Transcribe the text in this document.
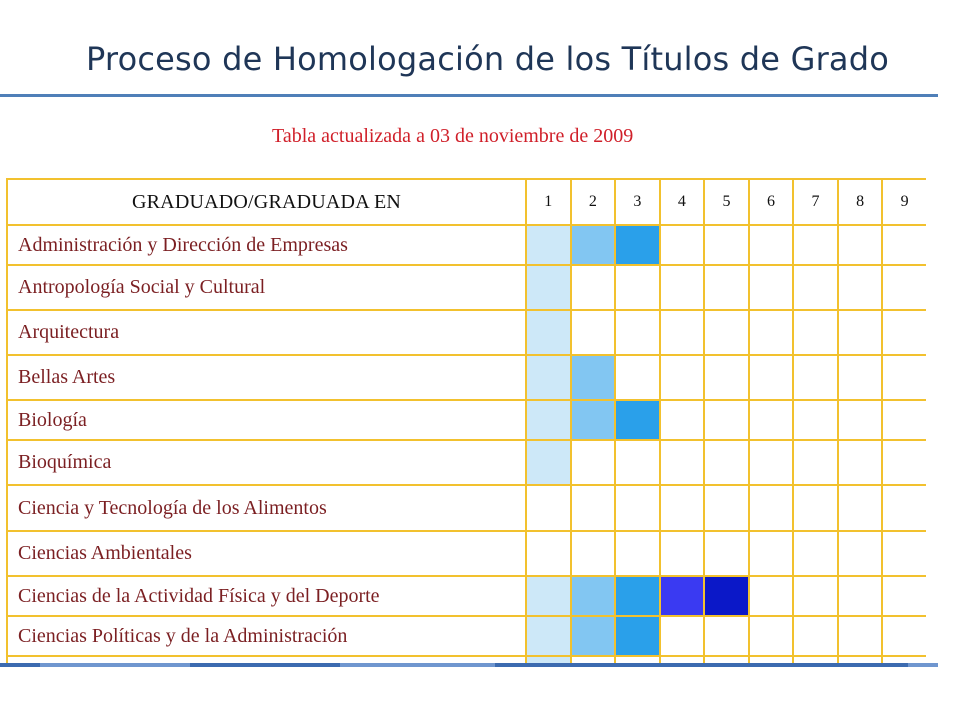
Proceso de Homologación de los Títulos de Grado
Tabla actualizada a 03 de noviembre de 2009
GRADUADO/GRADUADA EN	1	2	3	4	5	6	7	8	9
Administración y Dirección de Empresas									
Antropología Social y Cultural									
Arquitectura									
Bellas Artes									
Biología									
Bioquímica									
Ciencia y Tecnología de los Alimentos									
Ciencias Ambientales									
Ciencias de la Actividad Física y del Deporte									
Ciencias Políticas y de la Administración									
